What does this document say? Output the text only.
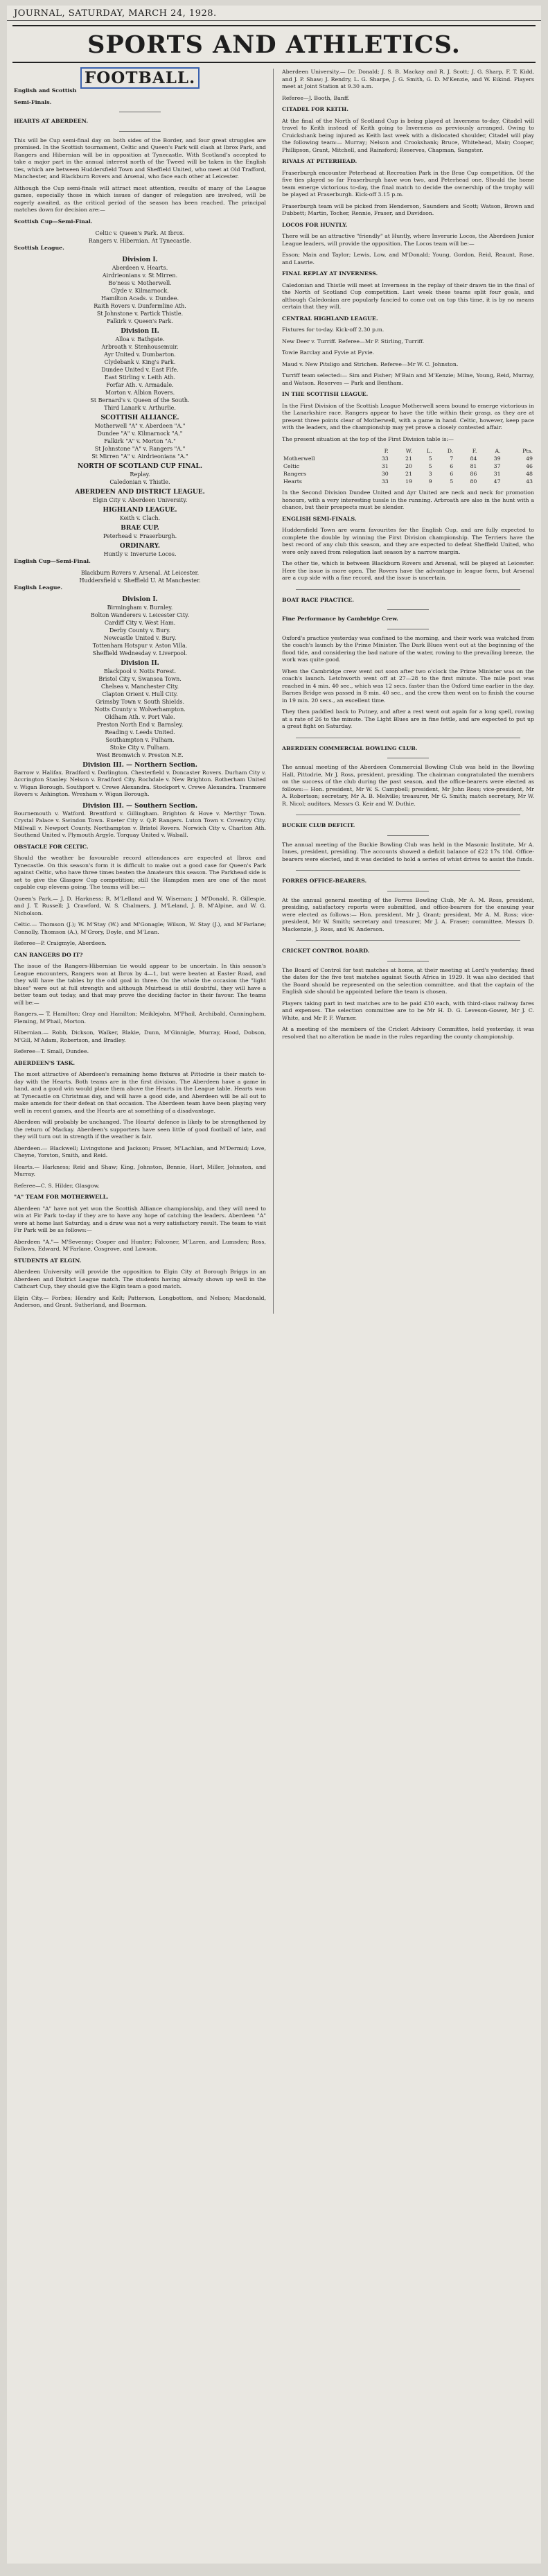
JOURNAL, SATURDAY, MARCH 24, 1928.
SPORTS AND ATHLETICS.
FOOTBALL.

English and Scottish

Semi-Finals.

HEARTS AT ABERDEEN.

This will be Cup semi-final day on both sides of the Border, and four great struggles are promised. In the Scottish tournament, Celtic and Queen's Park will clash at Ibrox Park, and Rangers and Hibernian will be in opposition at Tynecastle. With Scotland's accepted to take a major part in the annual interest north of the Tweed will be taken in the English ties, which are between Huddersfield Town and Sheffield United, who meet at Old Trafford, Manchester, and Blackburn Rovers and Arsenal, who face each other at Leicester.

Although the Cup semi-finals will attract most attention, results of many of the League games, especially those in which issues of danger of relegation are involved, will be eagerly awaited, as the critical period of the season has been reached. The principal matches down for decision are:—

Scottish Cup—Semi-Final.

Celtic v. Queen's Park. At Ibrox.
Rangers v. Hibernian. At Tynecastle.

Scottish League.

Division I.
Aberdeen v. Hearts.
Airdrieonians v. St Mirren.
Bo'ness v. Motherwell.
Clyde v. Kilmarnock.
Hamilton Acads. v. Dundee.
Raith Rovers v. Dunfermline Ath.
St Johnstone v. Partick Thistle.
Falkirk v. Queen's Park.
Division II.
Alloa v. Bathgate.
Arbroath v. Stenhousemuir.
Ayr United v. Dumbarton.
Clydebank v. King's Park.
Dundee United v. East Fife.
East Stirling v. Leith Ath.
Forfar Ath. v. Armadale.
Morton v. Albion Rovers.
St Bernard's v. Queen of the South.
Third Lanark v. Arthurlie.
SCOTTISH ALLIANCE.
Motherwell "A" v. Aberdeen "A."
Dundee "A" v. Kilmarnock "A."
Falkirk "A" v. Morton "A."
St Johnstone "A" v. Rangers "A."
St Mirren "A" v. Airdrieonians "A."
NORTH OF SCOTLAND CUP FINAL.
Replay.
Caledonian v. Thistle.
ABERDEEN AND DISTRICT LEAGUE.
Elgin City v. Aberdeen University.
HIGHLAND LEAGUE.
Keith v. Clach.
BRAE CUP.
Peterhead v. Fraserburgh.
ORDINARY.
Huntly v. Inverurie Locos.

English Cup—Semi-Final.

Blackburn Rovers v. Arsenal. At Leicester.
Huddersfield v. Sheffield U. At Manchester.

English League.

Division I.
Birmingham v. Burnley.
Bolton Wanderers v. Leicester City.
Cardiff City v. West Ham.
Derby County v. Bury.
Newcastle United v. Bury.
Tottenham Hotspur v. Aston Villa.
Sheffield Wednesday v. Liverpool.
Division II.
Blackpool v. Notts Forest.
Bristol City v. Swansea Town.
Chelsea v. Manchester City.
Clapton Orient v. Hull City.
Grimsby Town v. South Shields.
Notts County v. Wolverhampton.
Oldham Ath. v. Port Vale.
Preston North End v. Barnsley.
Reading v. Leeds United.
Southampton v. Fulham.
Stoke City v. Fulham.
West Bromwich v. Preston N.E.
Division III. — Northern Section.

Barrow v. Halifax. Bradford v. Darlington. Chesterfield v. Doncaster Rovers. Durham City v. Accrington Stanley. Nelson v. Bradford City. Rochdale v. New Brighton. Rotherham United v. Wigan Borough. Southport v. Crewe Alexandra. Stockport v. Crewe Alexandra. Tranmere Rovers v. Ashington. Wrexham v. Wigan Borough.

Division III. — Southern Section.

Bournemouth v. Watford. Brentford v. Gillingham. Brighton & Hove v. Merthyr Town. Crystal Palace v. Swindon Town. Exeter City v. Q.P. Rangers. Luton Town v. Coventry City. Millwall v. Newport County. Northampton v. Bristol Rovers. Norwich City v. Charlton Ath. Southend United v. Plymouth Argyle. Torquay United v. Walsall.

OBSTACLE FOR CELTIC.

Should the weather be favourable record attendances are expected at Ibrox and Tynecastle. On this season's form it is difficult to make out a good case for Queen's Park against Celtic, who have three times beaten the Amateurs this season. The Parkhead side is set to give the Glasgow Cup competition; still the Hampden men are one of the most capable cup elevens going. The teams will be:—

Queen's Park.— J. D. Harkness; R. M'Lelland and W. Wiseman; J. M'Donald, R. Gillespie, and J. T. Russell; J. Crawford, W. S. Chalmers, J. M'Leland, J. B. M'Alpine, and W. G. Nicholson.

Celtic.— Thomson (J.); W. M'Stay (W.) and M'Gonagle; Wilson, W. Stay (J.), and M'Farlane; Connolly, Thomson (A.), M'Grory, Doyle, and M'Lean.

Referee—P. Craigmyle, Aberdeen.

CAN RANGERS DO IT?

The issue of the Rangers-Hibernian tie would appear to be uncertain. In this season's League encounters, Rangers won at Ibrox by 4—1, but were beaten at Easter Road, and they will have the tables by the odd goal in three. On the whole the occasion the "light blues" were out at full strength and although Muirhead is still doubtful, they will have a better team out today, and that may prove the deciding factor in their favour. The teams will be:—

Rangers.— T. Hamilton; Gray and Hamilton; Meiklejohn, M'Phail, Archibald, Cunningham, Fleming, M'Phail, Morton.

Hibernian.— Robb, Dickson, Walker, Blakie, Dunn, M'Ginnigle, Murray, Hood, Dobson, M'Gill, M'Adam, Robertson, and Bradley.

Referee—T. Small, Dundee.

ABERDEEN'S TASK.

The most attractive of Aberdeen's remaining home fixtures at Pittodrie is their match to-day with the Hearts. Both teams are in the first division. The Aberdeen have a game in hand, and a good win would place them above the Hearts in the League table. Hearts won at Tynecastle on Christmas day, and will have a good side, and Aberdeen will be all out to make amends for their defeat on that occasion. The Aberdeen team have been playing very well in recent games, and the Hearts are at something of a disadvantage.

Aberdeen will probably be unchanged. The Hearts' defence is likely to be strengthened by the return of Mackay. Aberdeen's supporters have seen little of good football of late, and they will turn out in strength if the weather is fair.

Aberdeen.— Blackwell; Livingstone and Jackson; Fraser, M'Lachlan, and M'Dermid; Love, Cheyne, Yorston, Smith, and Reid.

Hearts.— Harkness; Reid and Shaw; King, Johnston, Bennie, Hart, Miller, Johnston, and Murray.

Referee—C. S. Hilder, Glasgow.

"A" TEAM FOR MOTHERWELL.

Aberdeen "A" have not yet won the Scottish Alliance championship, and they will need to win at Fir Park to-day if they are to have any hope of catching the leaders. Aberdeen "A" were at home last Saturday, and a draw was not a very satisfactory result. The team to visit Fir Park will be as follows:—

Aberdeen "A."— M'Sevenny; Cooper and Hunter; Falconer, M'Laren, and Lumsden; Ross, Fallows, Edward, M'Farlane, Cosgrove, and Lawson.

STUDENTS AT ELGIN.

Aberdeen University will provide the opposition to Elgin City at Borough Briggs in an Aberdeen and District League match. The students having already shown up well in the Cathcart Cup, they should give the Elgin team a good match.

Elgin City.— Forbes; Hendry and Kelt; Patterson, Longbottom, and Nelson; Macdonald, Anderson, and Grant. Sutherland, and Boarman.

Aberdeen University.— Dr. Donald; J. S. B. Mackay and R. J. Scott; J. G. Sharp, F. T. Kidd, and J. P. Shaw; J. Rendry, L. G. Sharpe, J. G. Smith, G. D. M'Kenzie, and W. Eikind. Players meet at Joint Station at 9.30 a.m.

Referee—J. Booth, Banff.

CITADEL FOR KEITH.

At the final of the North of Scotland Cup is being played at Inverness to-day, Citadel will travel to Keith instead of Keith going to Inverness as previously arranged. Owing to Cruickshank being injured as Keith last week with a dislocated shoulder, Citadel will play the following team:— Murray; Nelson and Crookshank; Bruce, Whitehead, Mair; Cooper, Phillipson, Grant, Mitchell, and Rainsford; Reserves, Chapman, Sangster.

RIVALS AT PETERHEAD.

Fraserburgh encounter Peterhead at Recreation Park in the Brae Cup competition. Of the five ties played so far Fraserburgh have won two, and Peterhead one. Should the home team emerge victorious to-day, the final match to decide the ownership of the trophy will be played at Fraserburgh. Kick-off 3.15 p.m.

Fraserburgh team will be picked from Henderson, Saunders and Scott; Watson, Brown and Dubbett; Martin, Tocher, Rennie, Fraser, and Davidson.

LOCOS FOR HUNTLY.

There will be an attractive "friendly" at Huntly, where Inverurie Locos, the Aberdeen Junior League leaders, will provide the opposition. The Locos team will be:—

Esson; Main and Taylor; Lewis, Low, and M'Donald; Young, Gordon, Reid, Reaunt, Rose, and Lawrie.

FINAL REPLAY AT INVERNESS.

Caledonian and Thistle will meet at Inverness in the replay of their drawn tie in the final of the North of Scotland Cup competition. Last week these teams split four goals, and although Caledonian are popularly fancied to come out on top this time, it is by no means certain that they will.

CENTRAL HIGHLAND LEAGUE.

Fixtures for to-day. Kick-off 2.30 p.m.

New Deer v. Turriff. Referee—Mr P. Stirling, Turriff.

Towie Barclay and Fyvie at Fyvie.

Maud v. New Pitsligo and Strichen. Referee—Mr W. C. Johnston.

Turriff team selected:— Sim and Fisher; M'Bain and M'Kenzie; Milne, Young, Reid, Murray, and Watson. Reserves — Park and Bentham.

IN THE SCOTTISH LEAGUE.

In the First Division of the Scottish League Motherwell seem bound to emerge victorious in the Lanarkshire race. Rangers appear to have the title within their grasp, as they are at present three points clear of Motherwell, with a game in hand. Celtic, however, keep pace with the leaders, and the championship may yet prove a closely contested affair.

The present situation at the top of the First Division table is:—

	P.	W.	L.	D.	F.	A.	Pts.
Motherwell	33	21	5	7	84	39	49
Celtic	31	20	5	6	81	37	46
Rangers	30	21	3	6	86	31	48
Hearts	33	19	9	5	80	47	43

In the Second Division Dundee United and Ayr United are neck and neck for promotion honours, with a very interesting tussle in the running. Arbroath are also in the hunt with a chance, but their prospects must be slender.

ENGLISH SEMI-FINALS.

Huddersfield Town are warm favourites for the English Cup, and are fully expected to complete the double by winning the First Division championship. The Terriers have the best record of any club this season, and they are expected to defeat Sheffield United, who were only saved from relegation last season by a narrow margin.

The other tie, which is between Blackburn Rovers and Arsenal, will be played at Leicester. Here the issue is more open. The Rovers have the advantage in league form, but Arsenal are a cup side with a fine record, and the issue is uncertain.

BOAT RACE PRACTICE.

Fine Performance by Cambridge Crew.

Oxford's practice yesterday was confined to the morning, and their work was watched from the coach's launch by the Prime Minister. The Dark Blues went out at the beginning of the flood tide, and considering the bad nature of the water, rowing to the prevailing breeze, the work was quite good.

When the Cambridge crew went out soon after two o'clock the Prime Minister was on the coach's launch. Letchworth went off at 27—28 to the first minute. The mile post was reached in 4 min. 40 sec., which was 12 secs. faster than the Oxford time earlier in the day. Barnes Bridge was passed in 8 min. 40 sec., and the crew then went on to finish the course in 19 min. 20 secs., an excellent time.

They then paddled back to Putney, and after a rest went out again for a long spell, rowing at a rate of 26 to the minute. The Light Blues are in fine fettle, and are expected to put up a great fight on Saturday.

ABERDEEN COMMERCIAL BOWLING CLUB.

The annual meeting of the Aberdeen Commercial Bowling Club was held in the Bowling Hall, Pittodrie, Mr J. Ross, president, presiding. The chairman congratulated the members on the success of the club during the past season, and the office-bearers were elected as follows:— Hon. president, Mr W. S. Campbell; president, Mr John Ross; vice-president, Mr A. Robertson; secretary, Mr A. B. Melville; treasurer, Mr G. Smith; match secretary, Mr W. R. Nicol; auditors, Messrs G. Keir and W. Duthie.

BUCKIE CLUB DEFICIT.

The annual meeting of the Buckie Bowling Club was held in the Masonic Institute, Mr A. Innes, president, presiding. The accounts showed a deficit balance of £22 17s 10d. Office-bearers were elected, and it was decided to hold a series of whist drives to assist the funds.

FORRES OFFICE-BEARERS.

At the annual general meeting of the Forres Bowling Club, Mr A. M. Ross, president, presiding, satisfactory reports were submitted, and office-bearers for the ensuing year were elected as follows:— Hon. president, Mr J. Grant; president, Mr A. M. Ross; vice-president, Mr W. Smith; secretary and treasurer, Mr J. A. Fraser; committee, Messrs D. Mackenzie, J. Ross, and W. Anderson.

CRICKET CONTROL BOARD.

The Board of Control for test matches at home, at their meeting at Lord's yesterday, fixed the dates for the five test matches against South Africa in 1929. It was also decided that the Board should be represented on the selection committee, and that the captain of the English side should be appointed before the team is chosen.

Players taking part in test matches are to be paid £30 each, with third-class railway fares and expenses. The selection committee are to be Mr H. D. G. Leveson-Gower, Mr J. C. White, and Mr P. F. Warner.

At a meeting of the members of the Cricket Advisory Committee, held yesterday, it was resolved that no alteration be made in the rules regarding the county championship.
